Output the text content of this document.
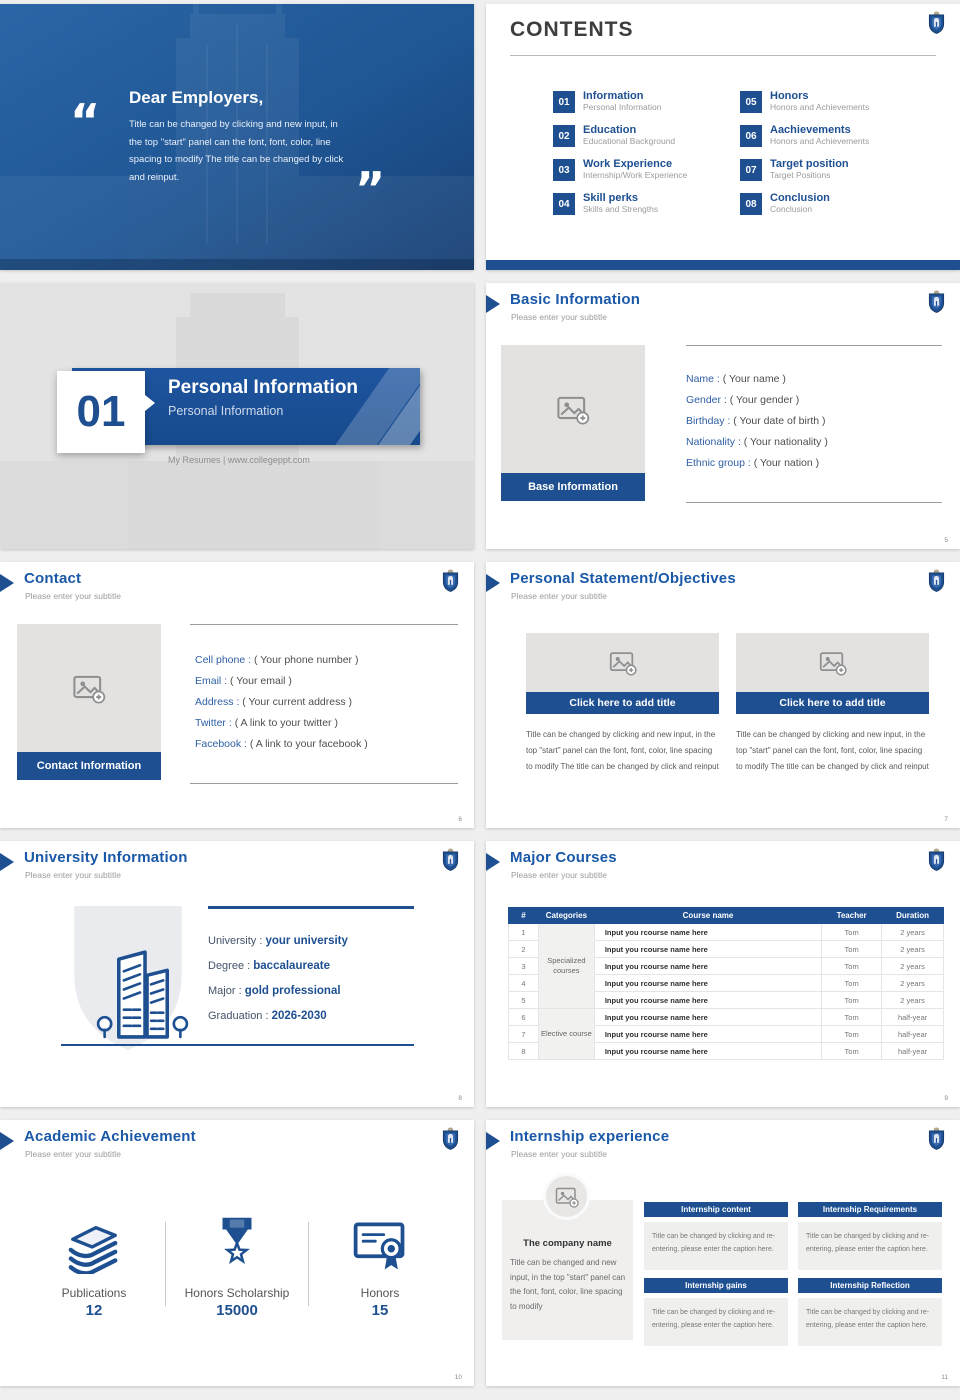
“ Dear Employers,
Title can be changed by clicking and new input, in the top "start" panel can the font, font, color, line spacing to modify The title can be changed by click and reinput.	”
CONTENTS
01	Information
Personal Information
02	Education
Educational Background
03	Work Experience
Internship/Work Experience
04	Skill perks
Skills and Strengths
05	Honors
Honors and Achievements
06	Aachievements
Honors and Achievements
07	Target position
Target Positions
08	Conclusion
Conclusion
Personal Information
Personal Information
01
My Resumes | www.collegeppt.com
Basic Information
Please enter your subtitle
Base Information
Name : ( Your name )
Gender : ( Your gender )
Birthday : ( Your date of birth )
Nationality : ( Your nationality )
Ethnic group : ( Your nation )
5
Contact
Please enter your subtitle
Contact Information
Cell phone : ( Your phone number )
Email : ( Your email )
Address : ( Your current address )
Twitter : ( A link to your twitter )
Facebook : ( A link to your facebook )
6
Personal Statement/Objectives
Please enter your subtitle
Click here to add title
Title can be changed by clicking and new input, in the top "start" panel can the font, font, color, line spacing to modify The title can be changed by click and reinput
Click here to add title
Title can be changed by clicking and new input, in the top "start" panel can the font, font, color, line spacing to modify The title can be changed by click and reinput
7
University Information
Please enter your subtitle
University : your university
Degree : baccalaureate
Major : gold professional
Graduation : 2026-2030
8
Major Courses
Please enter your subtitle
#	Categories	Course name	Teacher	Duration
1	Specialized courses	Input you rcourse name here	Tom	2 years
2		Input you rcourse name here	Tom	2 years
3		Input you rcourse name here	Tom	2 years
4		Input you rcourse name here	Tom	2 years
5		Input you rcourse name here	Tom	2 years
6	Elective course	Input you rcourse name here	Tom	half-year
7		Input you rcourse name here	Tom	half-year
8		Input you rcourse name here	Tom	half-year
9
Academic Achievement
Please enter your subtitle
Publications
12
Honors Scholarship
15000
Honors
15
10
Internship experience
Please enter your subtitle
The company name
Title can be changed and new input, in the top "start" panel can the font, font, color, line spacing to modify
Internship content
Title can be changed by clicking and re-entering, please enter the caption here.
Internship Requirements
Title can be changed by clicking and re-entering, please enter the caption here.
Internship gains
Title can be changed by clicking and re-entering, please enter the caption here.
Internship Reflection
Title can be changed by clicking and re-entering, please enter the caption here.
11
